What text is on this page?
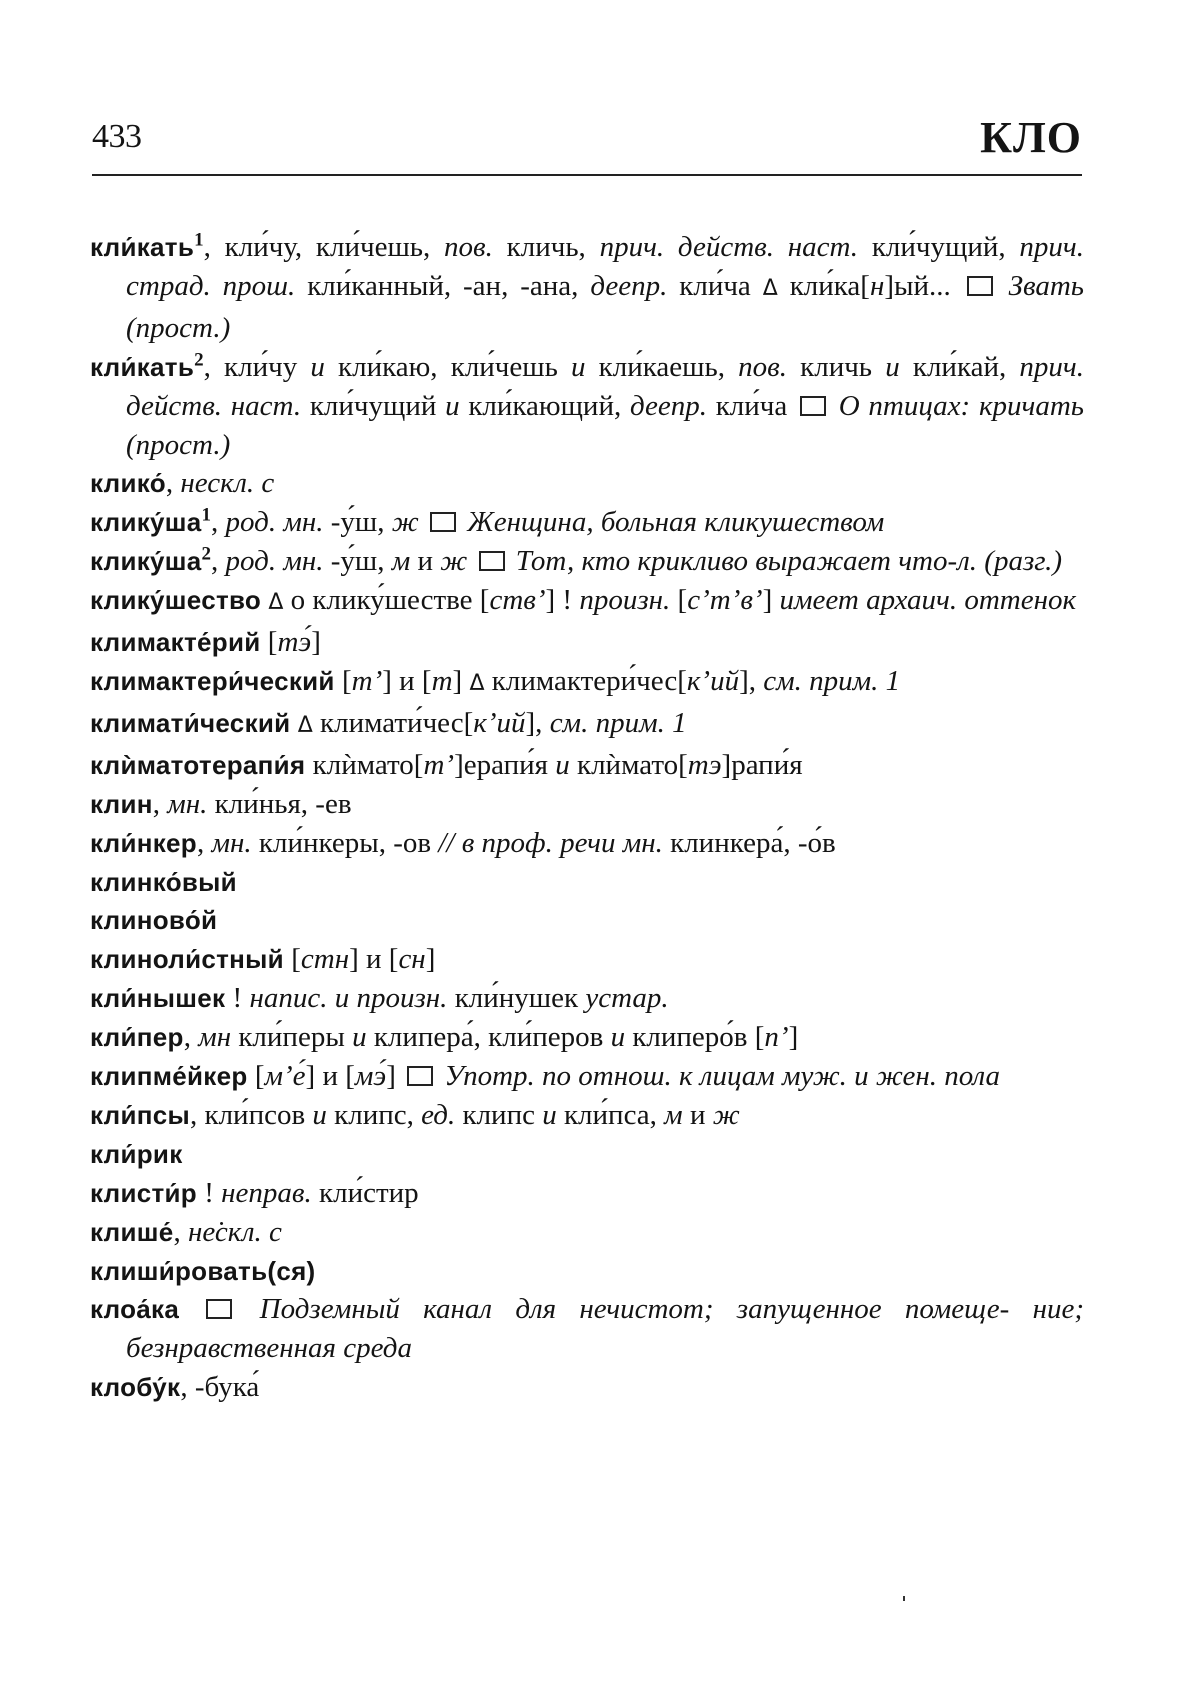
433	КЛО
кли́кать$^1$, кли́чу, кли́чешь, пов. кличь, прич. действ. наст. кли́чущий, прич. страд. прош. кли́канный, -ан, -ана, деепр. кли́ча Δ кли́ка[н]ый...  Звать (прост.)
кли́кать$^2$, кли́чу и кли́каю, кли́чешь и кли́каешь, пов. кличь и кли́кай, прич. действ. наст. кли́чущий и кли́кающий, деепр. кли́ча  О птицах: кричать (прост.)
клико́, нескл. с
$клику́ша^1$, род. мн. -у́ш, ж  Женщина, больная кликушеством
$клику́ша^2$, род. мн. -у́ш, м и ж  Тот, кто крикливо выражает что-л. (разг.)
клику́шество Δ о клику́шестве [ств’] ! произн. [с’т’в’] имеет архаич. оттенок
климакте́рий [тэ́]
климактери́ческий [т’] и [т] Δ климактери́чес[к’ий], см. прим. 1
климати́ческий Δ климати́чес[к’ий], см. прим. 1
клѝматотерапи́я клѝмато[т’]ерапи́я и клѝмато[тэ]рапи́я
клин, мн. кли́нья, -ев
кли́нкер, мн. кли́нкеры, -ов // в проф. речи мн. клинкера́, -о́в
клинко́вый
клиново́й
клиноли́стный [стн] и [сн]
кли́нышек ! напис. и произн. кли́нушек устар.
кли́пер, мн кли́перы и клипера́, кли́перов и клиперо́в [п’]
клипме́йкер [м’е́] и [мэ́]  Употр. по отнош. к лицам муж. и жен. пола
кли́псы, кли́псов и клипс, ед. клипс и кли́пса, м и ж
кли́рик
клисти́р ! неправ. кли́стир
клише́, не̇скл. с
клиши́ровать(ся)
клоа́ка  Подземный канал для нечистот; запущенное помеще- ние; безнравственная среда
клобу́к, -бука́
